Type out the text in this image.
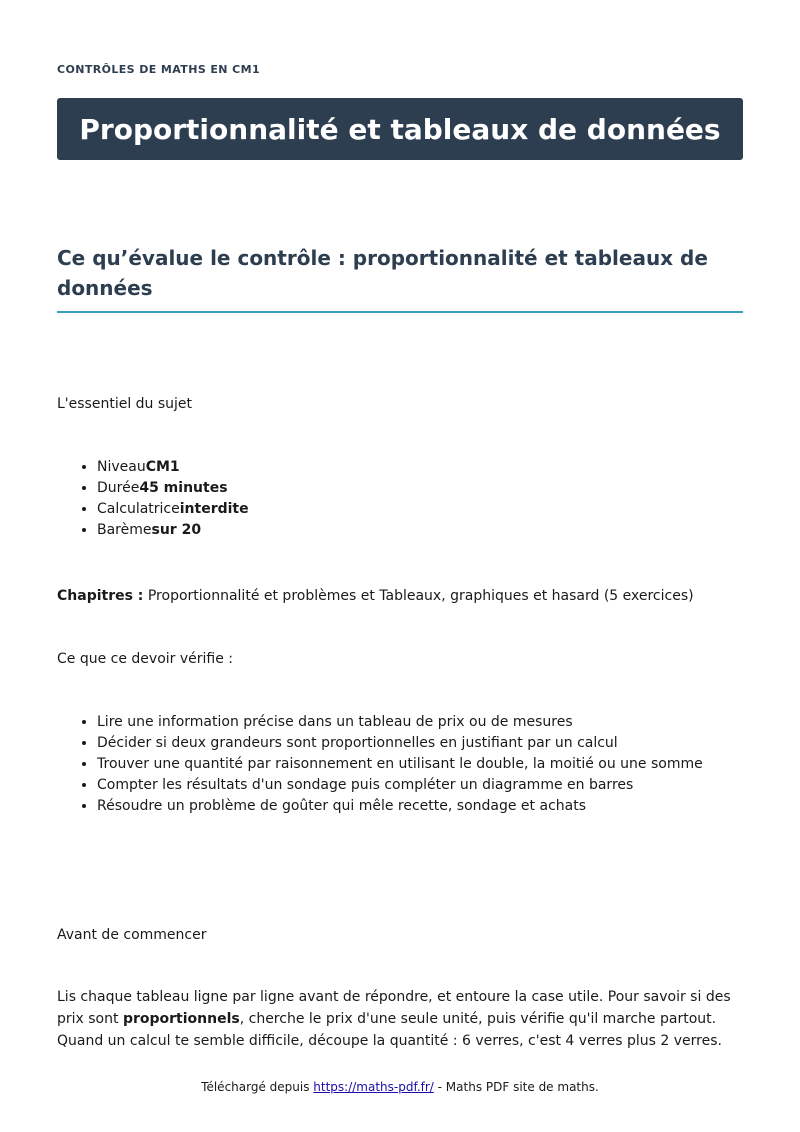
CONTRÔLES DE MATHS EN CM1
Proportionnalité et tableaux de données
Ce qu’évalue le contrôle : proportionnalité et tableaux de données

L'essentiel du sujet

• NiveauCM1
• Durée45 minutes
• Calculatriceinterdite
• Barèmesur 20

Chapitres : Proportionnalité et problèmes et Tableaux, graphiques et hasard (5 exercices)

Ce que ce devoir vérifie :

• Lire une information précise dans un tableau de prix ou de mesures
• Décider si deux grandeurs sont proportionnelles en justifiant par un calcul
• Trouver une quantité par raisonnement en utilisant le double, la moitié ou une somme
• Compter les résultats d'un sondage puis compléter un diagramme en barres
• Résoudre un problème de goûter qui mêle recette, sondage et achats

Avant de commencer

Lis chaque tableau ligne par ligne avant de répondre, et entoure la case utile. Pour savoir si des prix sont proportionnels, cherche le prix d'une seule unité, puis vérifie qu'il marche partout. Quand un calcul te semble difficile, découpe la quantité : 6 verres, c'est 4 verres plus 2 verres.

Téléchargé depuis https://maths-pdf.fr/ - Maths PDF site de maths.
